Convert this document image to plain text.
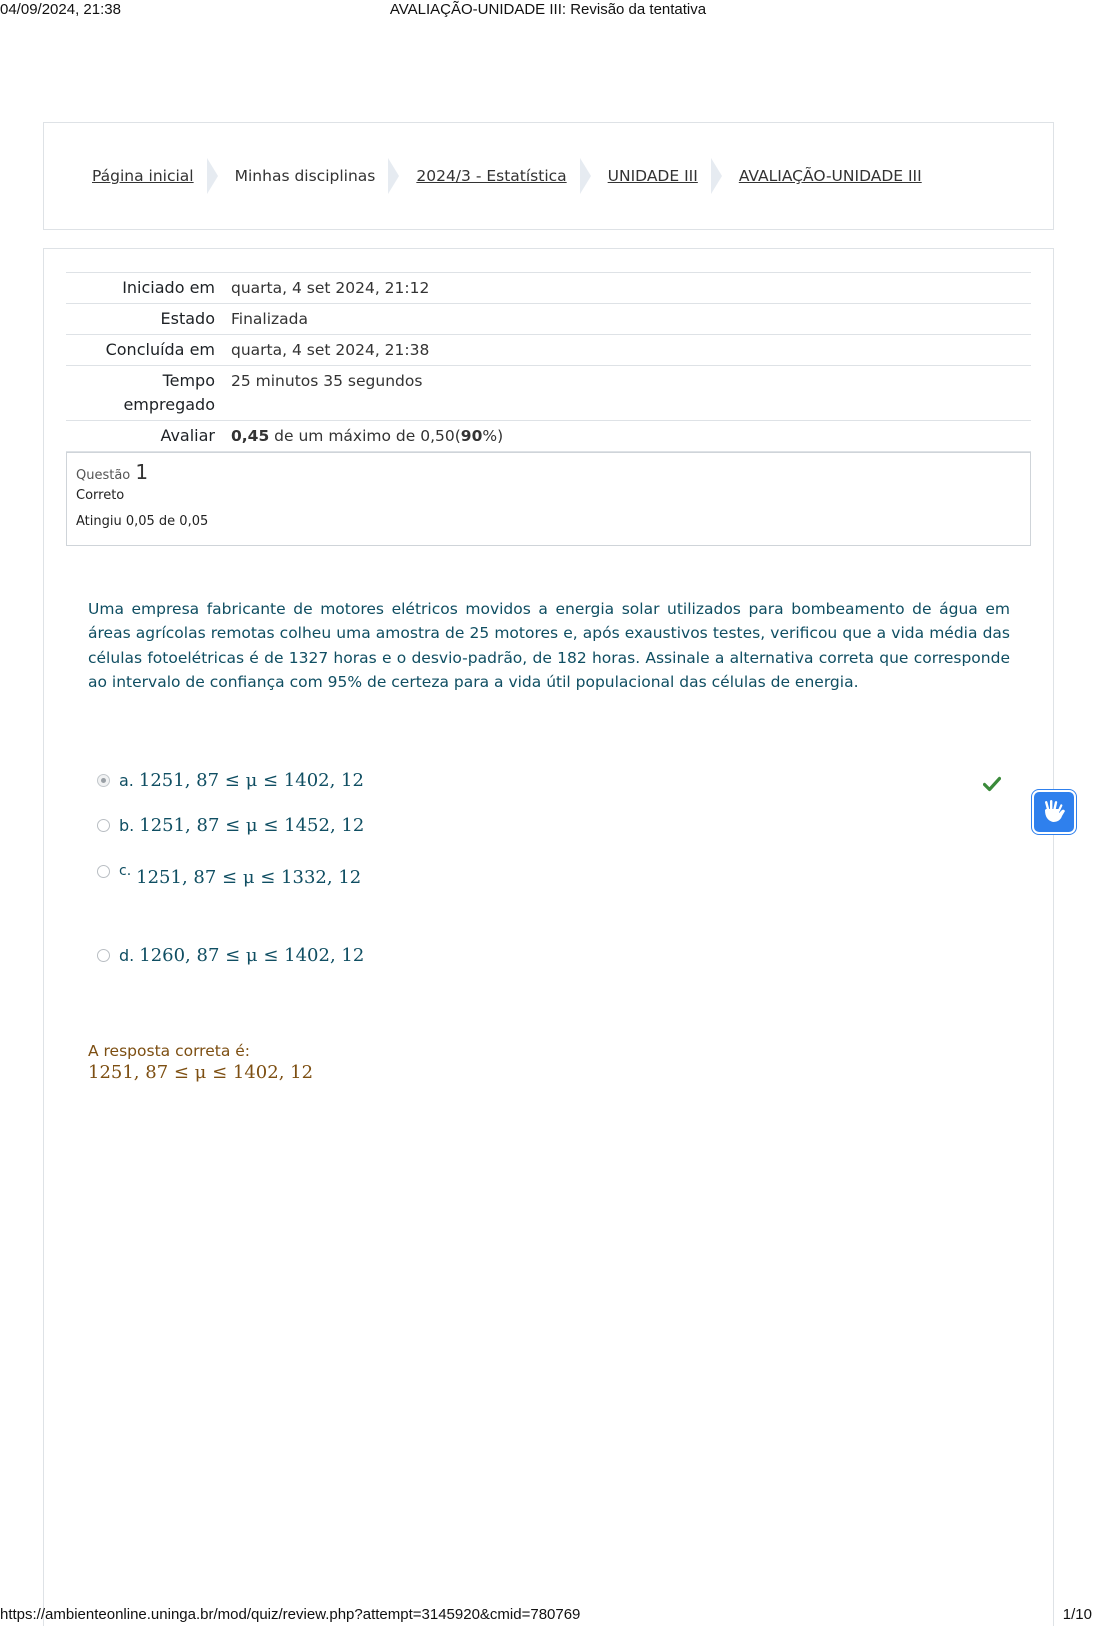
04/09/2024, 21:38	AVALIAÇÃO-UNIDADE III: Revisão da tentativa
Página inicial	Minhas disciplinas	2024/3 - Estatística	UNIDADE III	AVALIAÇÃO-UNIDADE III
Iniciado em	quarta, 4 set 2024, 21:12
Estado	Finalizada
Concluída em	quarta, 4 set 2024, 21:38
Tempo
empregado	25 minutos 35 segundos
Avaliar	0,45 de um máximo de 0,50(90%)
Questão 1
Correto
Atingiu 0,05 de 0,05
Uma empresa fabricante de motores elétricos movidos a energia solar utilizados para bombeamento de água em áreas agrícolas remotas colheu uma amostra de 25 motores e, após exaustivos testes, verificou que a vida média das células fotoelétricas é de 1327 horas e o desvio-padrão, de 182 horas. Assinale a alternativa correta que corresponde ao intervalo de confiança com 95% de certeza para a vida útil populacional das células de energia.
a. 1251, 87 ≤ μ ≤ 1402, 12
b. 1251, 87 ≤ μ ≤ 1452, 12
c. 1251, 87 ≤ μ ≤ 1332, 12
d. 1260, 87 ≤ μ ≤ 1402, 12
A resposta correta é:
1251, 87 ≤ μ ≤ 1402, 12
https://ambienteonline.uninga.br/mod/quiz/review.php?attempt=3145920&cmid=780769	1/10
